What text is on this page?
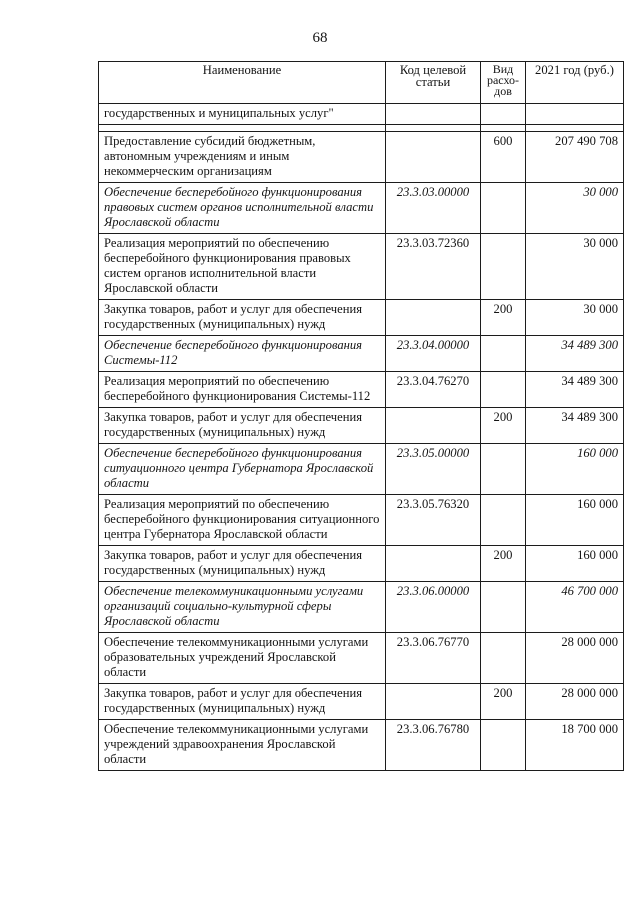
68
Наименование	Код целевой статьи	Вид расхо-дов	2021 год (руб.)
государственных и муниципальных услуг"			

Предоставление субсидий бюджетным, автономным учреждениям и иным некоммерческим организациям		600	207 490 708
Обеспечение бесперебойного функционирования правовых систем органов исполнительной власти Ярославской области	23.3.03.00000		30 000
Реализация мероприятий по обеспечению бесперебойного функционирования правовых систем органов исполнительной власти Ярославской области	23.3.03.72360		30 000
Закупка товаров, работ и услуг для обеспечения государственных (муниципальных) нужд		200	30 000
Обеспечение бесперебойного функционирования Системы-112	23.3.04.00000		34 489 300
Реализация мероприятий по обеспечению бесперебойного функционирования Системы-112	23.3.04.76270		34 489 300
Закупка товаров, работ и услуг для обеспечения государственных (муниципальных) нужд		200	34 489 300
Обеспечение бесперебойного функционирования ситуационного центра Губернатора Ярославской области	23.3.05.00000		160 000
Реализация мероприятий по обеспечению бесперебойного функционирования ситуационного центра Губернатора Ярославской области	23.3.05.76320		160 000
Закупка товаров, работ и услуг для обеспечения государственных (муниципальных) нужд		200	160 000
Обеспечение телекоммуникационными услугами организаций социально-культурной сферы Ярославской области	23.3.06.00000		46 700 000
Обеспечение телекоммуникационными услугами образовательных учреждений Ярославской области	23.3.06.76770		28 000 000
Закупка товаров, работ и услуг для обеспечения государственных (муниципальных) нужд		200	28 000 000
Обеспечение телекоммуникационными услугами учреждений здравоохранения Ярославской области	23.3.06.76780		18 700 000
